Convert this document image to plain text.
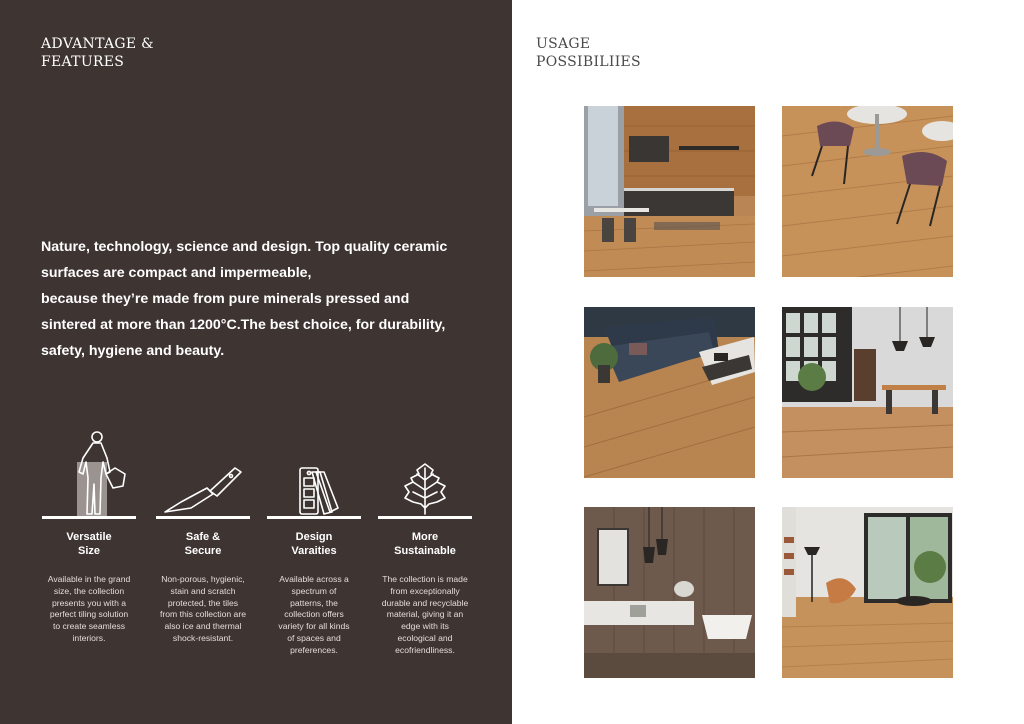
ADVANTAGE &
FEATURES

Nature, technology, science and design. Top quality ceramic
surfaces are compact and impermeable,
because they’re made from pure minerals pressed and
sintered at more than 1200°C.The best choice, for durability,
safety, hygiene and beauty.

Versatile
Size
Available in the grand
size, the collection
presents you with a
perfect tiling solution
to create seamless
interiors.
Safe &
Secure
Non-porous, hygienic,
stain and scratch
protected, the tiles
from this collection are
also ice and thermal
shock-resistant.
Design
Varaities
Available across a
spectrum of
patterns, the
collection offers
variety for all kinds
of spaces and
preferences.
More
Sustainable
The collection is made
from exceptionally
durable and recyclable
material, giving it an
edge with its
ecological and
ecofriendliness.
USAGE
POSSIBILIIES
